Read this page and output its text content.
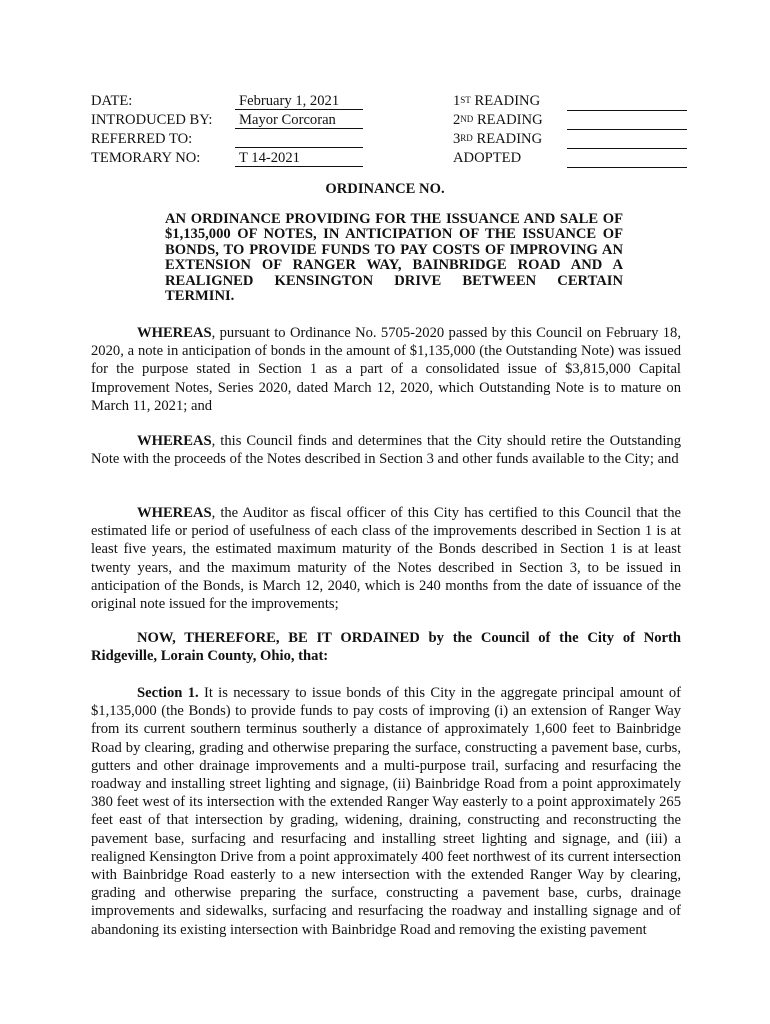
DATE:	February 1, 2021
INTRODUCED BY: Mayor Corcoran
REFERRED TO:
TEMORARY NO:	T 14-2021
1ST READING
2ND READING
3RD READING
ADOPTED
ORDINANCE NO.
AN ORDINANCE PROVIDING FOR THE ISSUANCE AND SALE OF $1,135,000 OF NOTES, IN ANTICIPATION OF THE ISSUANCE OF BONDS, TO PROVIDE FUNDS TO PAY COSTS OF IMPROVING AN EXTENSION OF RANGER WAY, BAINBRIDGE ROAD AND A REALIGNED KENSINGTON DRIVE BETWEEN CERTAIN TERMINI.

WHEREAS, pursuant to Ordinance No. 5705-2020 passed by this Council on February 18, 2020, a note in anticipation of bonds in the amount of $1,135,000 (the Outstanding Note) was issued for the purpose stated in Section 1 as a part of a consolidated issue of $3,815,000 Capital Improvement Notes, Series 2020, dated March 12, 2020, which Outstanding Note is to mature on March 11, 2021; and

WHEREAS, this Council finds and determines that the City should retire the Outstanding Note with the proceeds of the Notes described in Section 3 and other funds available to the City; and

WHEREAS, the Auditor as fiscal officer of this City has certified to this Council that the estimated life or period of usefulness of each class of the improvements described in Section 1 is at least five years, the estimated maximum maturity of the Bonds described in Section 1 is at least twenty years, and the maximum maturity of the Notes described in Section 3, to be issued in anticipation of the Bonds, is March 12, 2040, which is 240 months from the date of issuance of the original note issued for the improvements;

NOW, THEREFORE, BE IT ORDAINED by the Council of the City of North Ridgeville, Lorain County, Ohio, that:

Section 1. It is necessary to issue bonds of this City in the aggregate principal amount of $1,135,000 (the Bonds) to provide funds to pay costs of improving (i) an extension of Ranger Way from its current southern terminus southerly a distance of approximately 1,600 feet to Bainbridge Road by clearing, grading and otherwise preparing the surface, constructing a pavement base, curbs, gutters and other drainage improvements and a multi-purpose trail, surfacing and resurfacing the roadway and installing street lighting and signage, (ii) Bainbridge Road from a point approximately 380 feet west of its intersection with the extended Ranger Way easterly to a point approximately 265 feet east of that intersection by grading, widening, draining, constructing and reconstructing the pavement base, surfacing and resurfacing and installing street lighting and signage, and (iii) a realigned Kensington Drive from a point approximately 400 feet northwest of its current intersection with Bainbridge Road easterly to a new intersection with the extended Ranger Way by clearing, grading and otherwise preparing the surface, constructing a pavement base, curbs, drainage improvements and sidewalks, surfacing and resurfacing the roadway and installing signage and of abandoning its existing intersection with Bainbridge Road and removing the existing pavement
